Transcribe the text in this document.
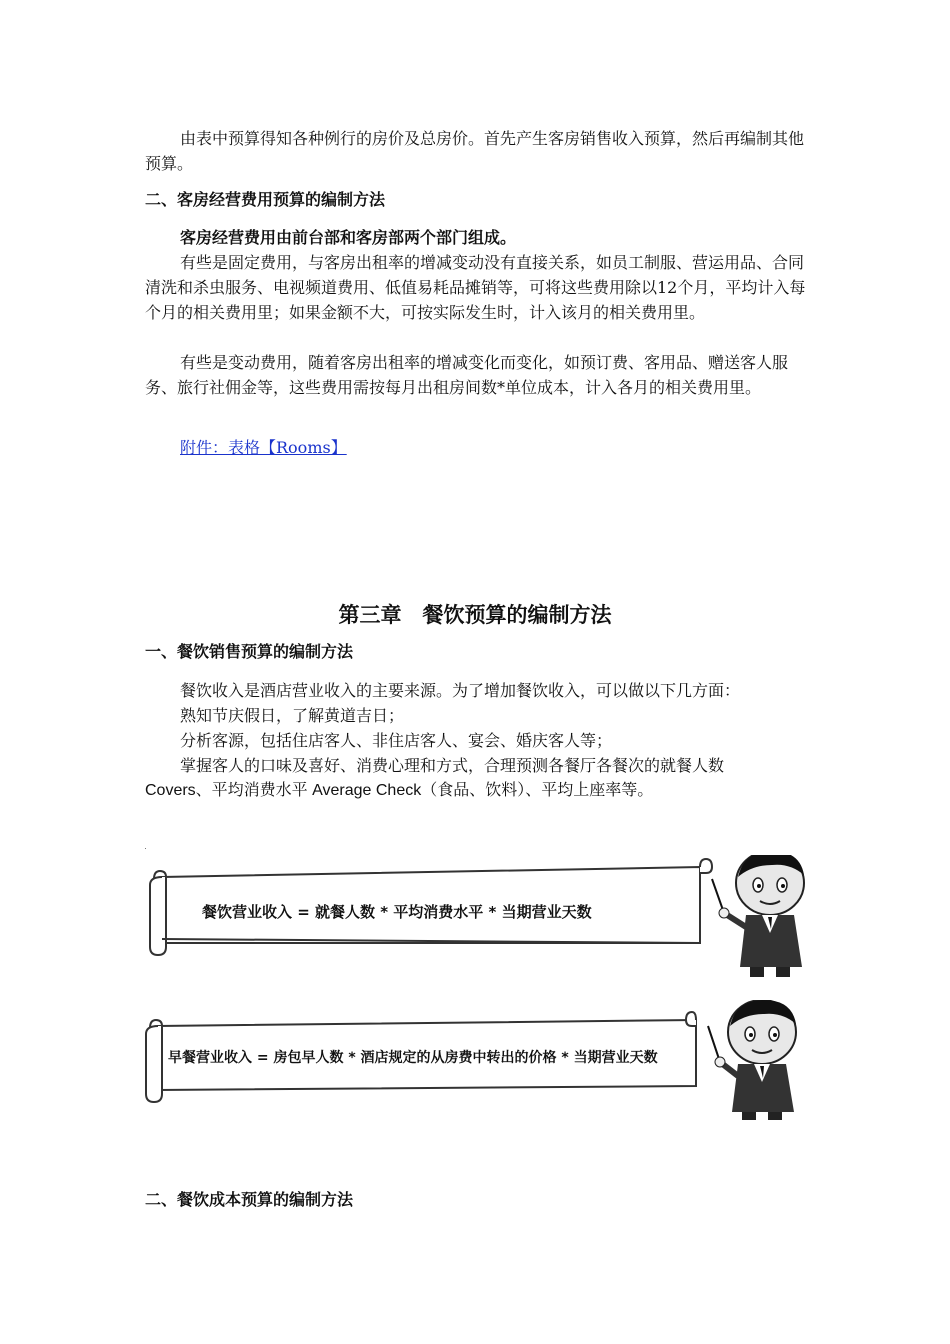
由表中预算得知各种例行的房价及总房价。首先产生客房销售收入预算，然后再编制其他预算。
二、客房经营费用预算的编制方法
客房经营费用由前台部和客房部两个部门组成。
有些是固定费用，与客房出租率的增减变动没有直接关系，如员工制服、营运用品、合同清洗和杀虫服务、电视频道费用、低值易耗品摊销等，可将这些费用除以12个月，平均计入每个月的相关费用里；如果金额不大，可按实际发生时，计入该月的相关费用里。
有些是变动费用，随着客房出租率的增减变化而变化，如预订费、客用品、赠送客人服务、旅行社佣金等，这些费用需按每月出租房间数*单位成本，计入各月的相关费用里。
附件：表格【Rooms】
第三章　餐饮预算的编制方法
一、餐饮销售预算的编制方法
餐饮收入是酒店营业收入的主要来源。为了增加餐饮收入，可以做以下几方面：
熟知节庆假日，了解黄道吉日；
分析客源，包括住店客人、非住店客人、宴会、婚庆客人等；
掌握客人的口味及喜好、消费心理和方式，合理预测各餐厅各餐次的就餐人数
Covers、平均消费水平 Average Check（食品、饮料）、平均上座率等。
餐饮营业收入 = 就餐人数 * 平均消费水平 * 当期营业天数
早餐营业收入 = 房包早人数 * 酒店规定的从房费中转出的价格 * 当期营业天数
二、餐饮成本预算的编制方法
